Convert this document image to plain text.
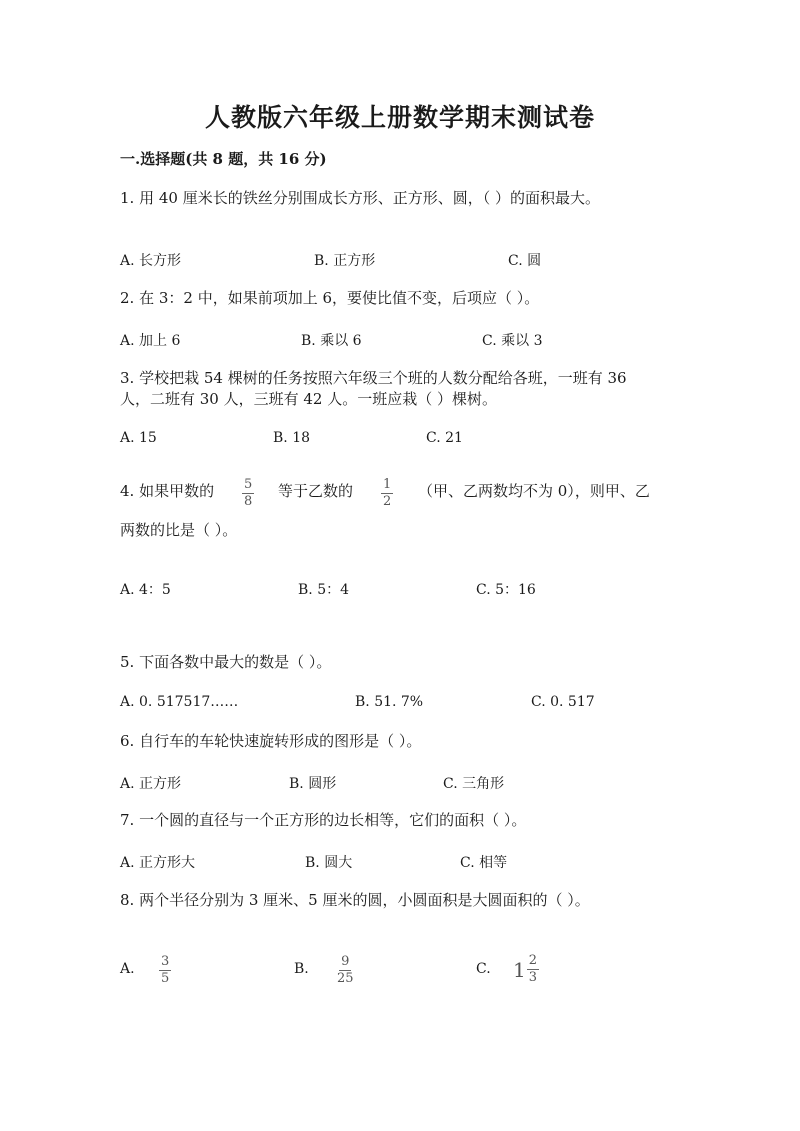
人教版六年级上册数学期末测试卷
一.选择题(共 8 题，共 16 分)
1. 用 40 厘米长的铁丝分别围成长方形、正方形、圆，（ ）的面积最大。
A. 长方形	B. 正方形	C. 圆
2. 在 3：2 中，如果前项加上 6，要使比值不变，后项应（ ）。
A. 加上 6	B. 乘以 6	C. 乘以 3
3. 学校把栽 54 棵树的任务按照六年级三个班的人数分配给各班，一班有 36
人，二班有 30 人，三班有 42 人。一班应栽（ ）棵树。
A. 15	B. 18	C. 21
4. 如果甲数的 $\frac{5}{8}$ 等于乙数的 $\frac{1}{2}$ （甲、乙两数均不为 0），则甲、乙
两数的比是（ ）。
A. 4：5	B. 5：4	C. 5：16
5. 下面各数中最大的数是（ ）。
A. 0. 517517……	B. 51. 7%	C. 0. 517
6. 自行车的车轮快速旋转形成的图形是（ ）。
A. 正方形	B. 圆形	C. 三角形
7. 一个圆的直径与一个正方形的边长相等，它们的面积（ ）。
A. 正方形大	B. 圆大	C. 相等
8. 两个半径分别为 3 厘米、5 厘米的圆，小圆面积是大圆面积的（ ）。
A. $\frac{3}{5}$	B. $\frac{9}{25}$	C. $1 \frac{2}{3}$
